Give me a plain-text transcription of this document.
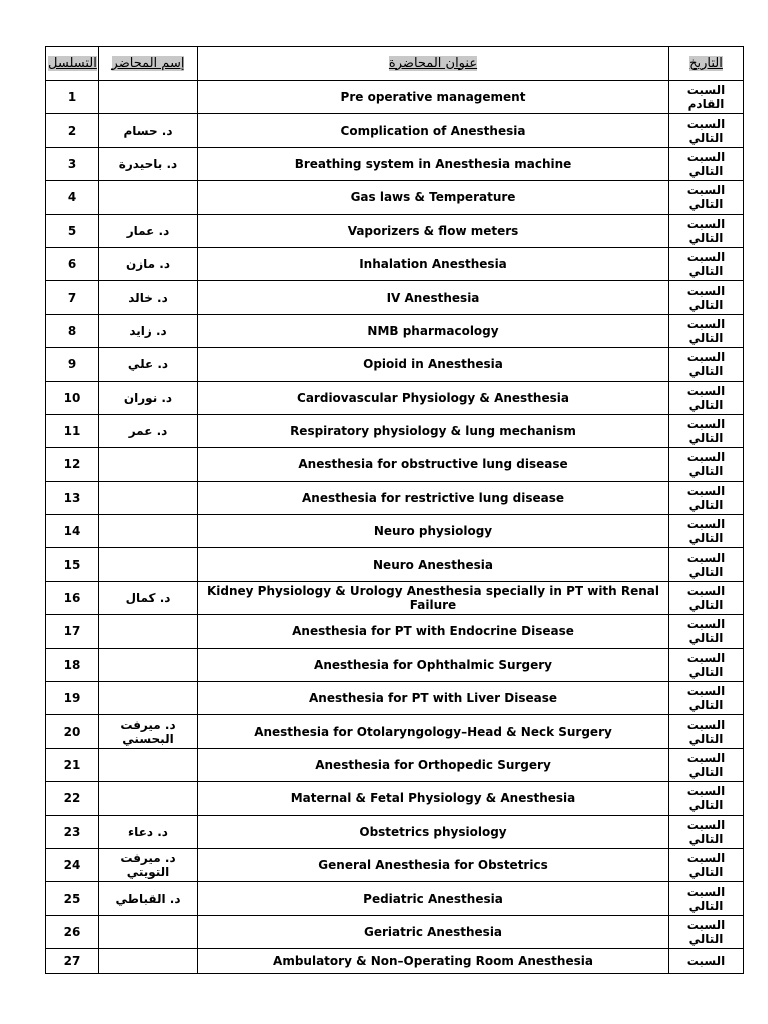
التسلسل	إسم المحاضر	عنوان المحاضرة	التاريخ
1		Pre operative management	السبت القادم
2	د. حسام	Complication of Anesthesia	السبت التالي
3	د. باحيدرة	Breathing system in Anesthesia machine	السبت التالي
4		Gas laws & Temperature	السبت التالي
5	د. عمار	Vaporizers & flow meters	السبت التالي
6	د. مازن	Inhalation Anesthesia	السبت التالي
7	د. خالد	IV Anesthesia	السبت التالي
8	د. زايد	NMB pharmacology	السبت التالي
9	د. علي	Opioid in Anesthesia	السبت التالي
10	د. نوران	Cardiovascular Physiology & Anesthesia	السبت التالي
11	د. عمر	Respiratory physiology & lung mechanism	السبت التالي
12		Anesthesia for obstructive lung disease	السبت التالي
13		Anesthesia for restrictive lung disease	السبت التالي
14		Neuro physiology	السبت التالي
15		Neuro Anesthesia	السبت التالي
16	د. كمال	Kidney Physiology & Urology Anesthesia specially in PT with Renal Failure	السبت التالي
17		Anesthesia for PT with Endocrine Disease	السبت التالي
18		Anesthesia for Ophthalmic Surgery	السبت التالي
19		Anesthesia for PT with Liver Disease	السبت التالي
20	د. ميرفت البحسني	Anesthesia for Otolaryngology–Head & Neck Surgery	السبت التالي
21		Anesthesia for Orthopedic Surgery	السبت التالي
22		Maternal & Fetal Physiology & Anesthesia	السبت التالي
23	د. دعاء	Obstetrics physiology	السبت التالي
24	د. ميرفت التويتي	General Anesthesia for Obstetrics	السبت التالي
25	د. القباطي	Pediatric Anesthesia	السبت التالي
26		Geriatric Anesthesia	السبت التالي
27		Ambulatory & Non–Operating Room Anesthesia	السبت
